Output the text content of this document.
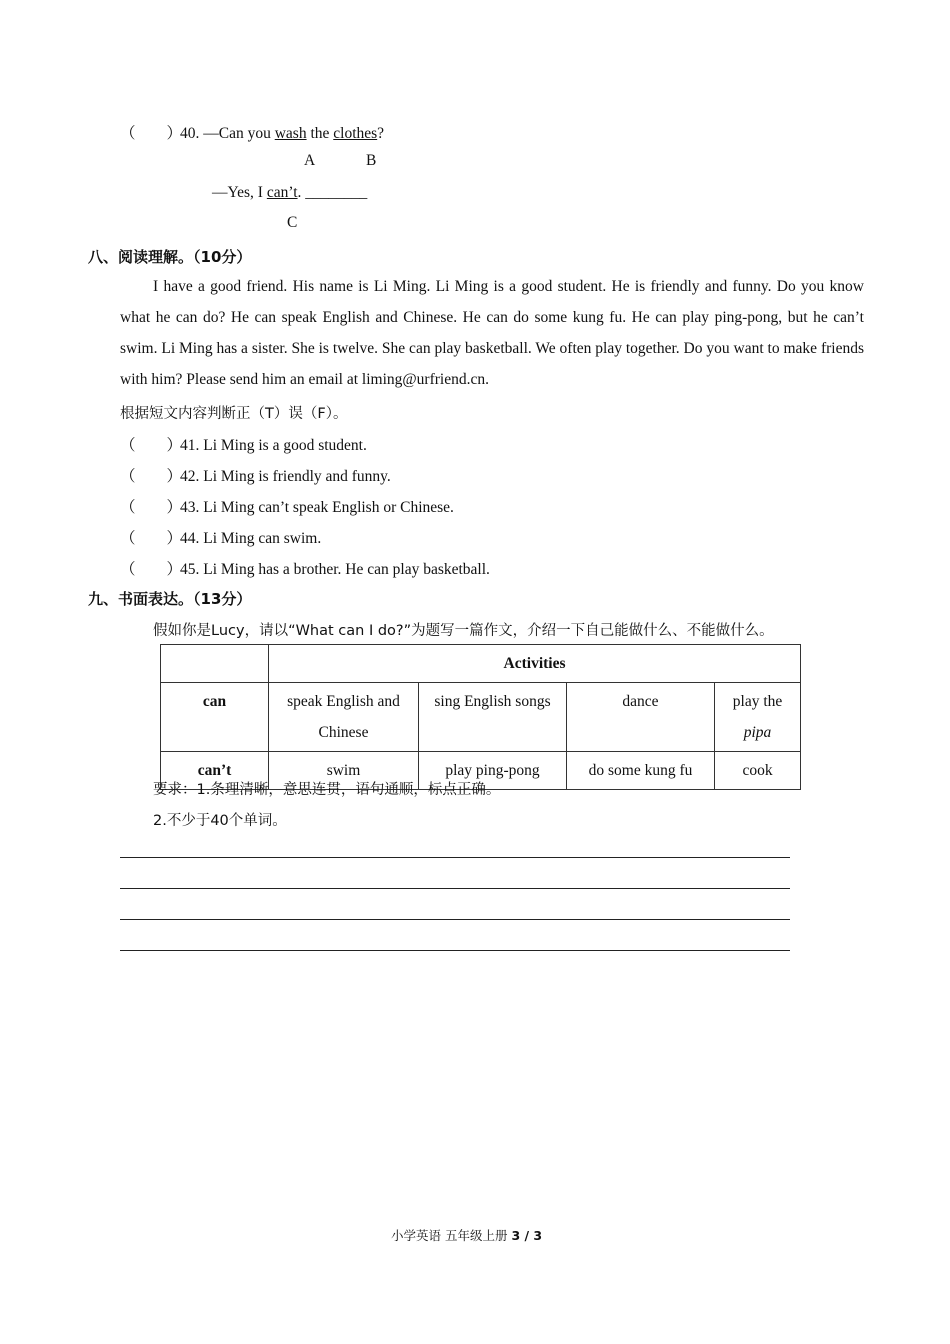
（　　）40. —Can you wash the clothes?
A	B
—Yes, I can’t. ________
C
八、阅读理解。（10分）
I have a good friend. His name is Li Ming. Li Ming is a good student. He is friendly and funny. Do you know what he can do? He can speak English and Chinese. He can do some kung fu. He can play ping-pong, but he can’t swim. Li Ming has a sister. She is twelve. She can play basketball. We often play together. Do you want to make friends with him? Please send him an email at liming@urfriend.cn.
根据短文内容判断正（T）误（F）。
（　　）41. Li Ming is a good student.
（　　）42. Li Ming is friendly and funny.
（　　）43. Li Ming can’t speak English or Chinese.
（　　）44. Li Ming can swim.
（　　）45. Li Ming has a brother. He can play basketball.
九、书面表达。（13分）
假如你是Lucy，请以“What can I do?”为题写一篇作文，介绍一下自己能做什么、不能做什么。
	Activities			
can	speak English and Chinese	sing English songs	dance	play the
pipa
can’t	swim	play ping-pong	do some kung fu	cook
要求：1.条理清晰，意思连贯，语句通顺，标点正确。
2.不少于40个单词。
小学英语 五年级上册 3 / 3
